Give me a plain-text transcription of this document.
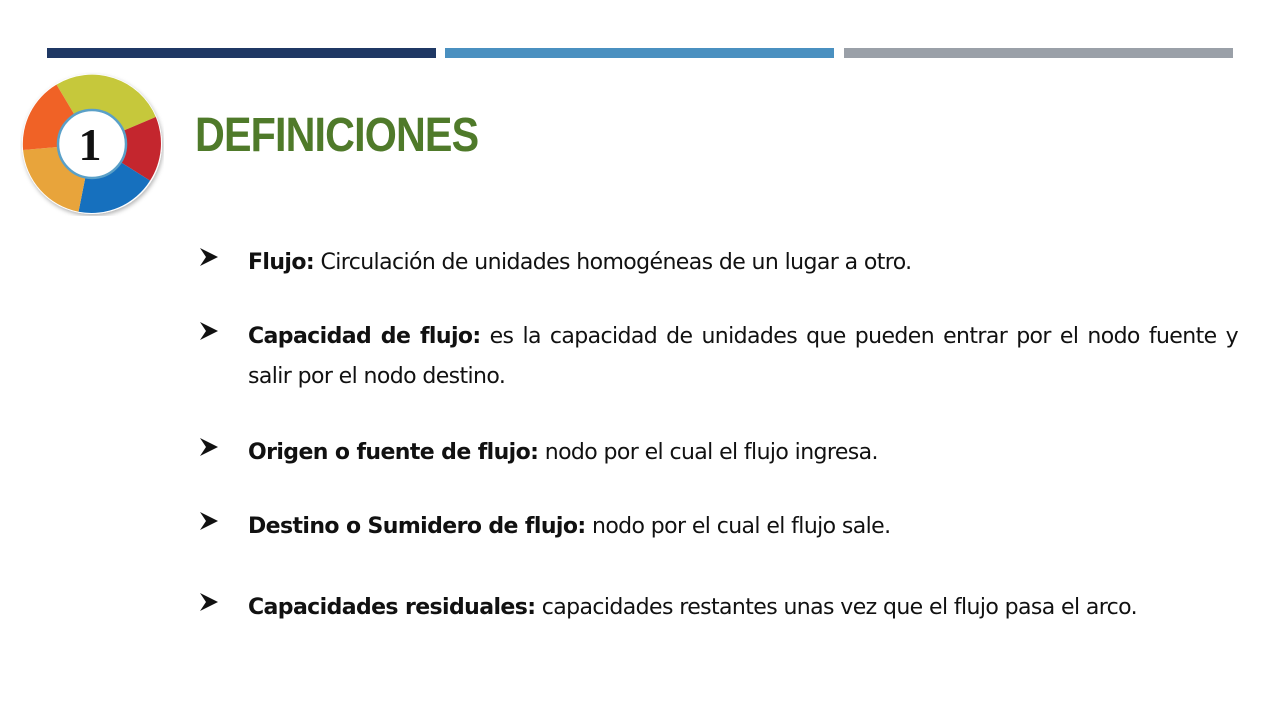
1	DEFINICIONES
Flujo: Circulación de unidades homogéneas de un lugar a otro.
Capacidad de flujo: es la capacidad de unidades que pueden entrar por el nodo fuente y salir por el nodo destino.
Origen o fuente de flujo: nodo por el cual el flujo ingresa.
Destino o Sumidero de flujo: nodo por el cual el flujo sale.
Capacidades residuales: capacidades restantes unas vez que el flujo pasa el arco.
